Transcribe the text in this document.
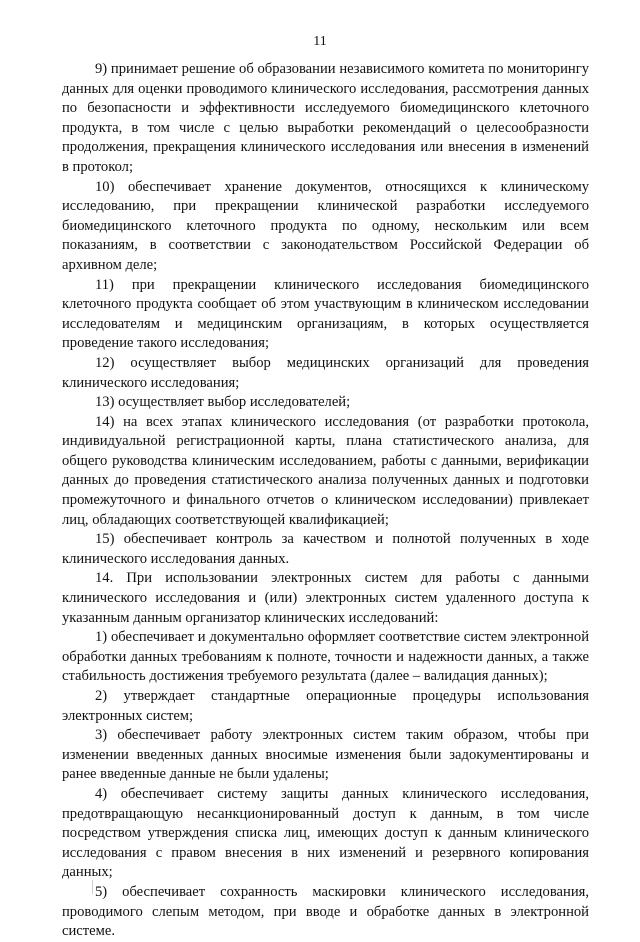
11

9) принимает решение об образовании независимого комитета по мониторингу данных для оценки проводимого клинического исследования, рассмотрения данных по безопасности и эффективности исследуемого биомедицинского клеточного продукта, в том числе с целью выработки рекомендаций о целесообразности продолжения, прекращения клинического исследования или внесения в изменений в протокол;

10) обеспечивает хранение документов, относящихся к клиническому исследованию, при прекращении клинической разработки исследуемого биомедицинского клеточного продукта по одному, нескольким или всем показаниям, в соответствии с законодательством Российской Федерации об архивном деле;

11) при прекращении клинического исследования биомедицинского клеточного продукта сообщает об этом участвующим в клиническом исследовании исследователям и медицинским организациям, в которых осуществляется проведение такого исследования;

12) осуществляет выбор медицинских организаций для проведения клинического исследования;

13) осуществляет выбор исследователей;

14) на всех этапах клинического исследования (от разработки протокола, индивидуальной регистрационной карты, плана статистического анализа, для общего руководства клиническим исследованием, работы с данными, верификации данных до проведения статистического анализа полученных данных и подготовки промежуточного и финального отчетов о клиническом исследовании) привлекает лиц, обладающих соответствующей квалификацией;

15) обеспечивает контроль за качеством и полнотой полученных в ходе клинического исследования данных.

14. При использовании электронных систем для работы с данными клинического исследования и (или) электронных систем удаленного доступа к указанным данным организатор клинических исследований:

1) обеспечивает и документально оформляет соответствие систем электронной обработки данных требованиям к полноте, точности и надежности данных, а также стабильность достижения требуемого результата (далее – валидация данных);

2) утверждает стандартные операционные процедуры использования электронных систем;

3) обеспечивает работу электронных систем таким образом, чтобы при изменении введенных данных вносимые изменения были задокументированы и ранее введенные данные не были удалены;

4) обеспечивает систему защиты данных клинического исследования, предотвращающую несанкционированный доступ к данным, в том числе посредством утверждения списка лиц, имеющих доступ к данным клинического исследования с правом внесения в них изменений и резервного копирования данных;

5) обеспечивает сохранность маскировки клинического исследования, проводимого слепым методом, при вводе и обработке данных в электронной системе.
